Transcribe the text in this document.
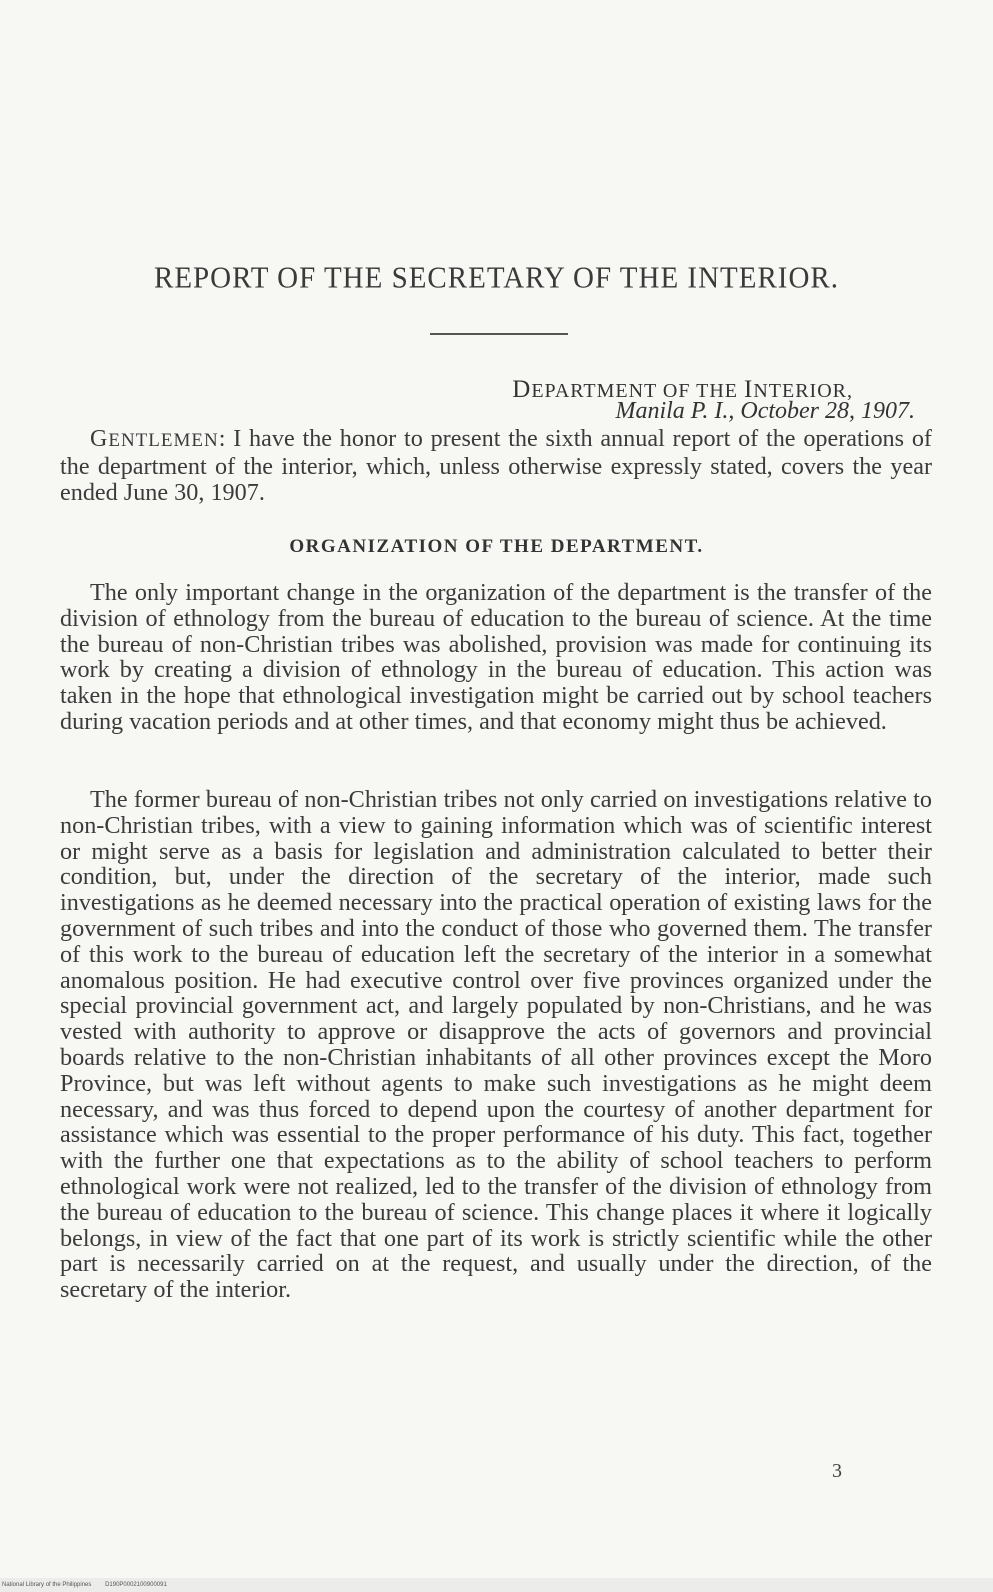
REPORT OF THE SECRETARY OF THE INTERIOR.
DEPARTMENT OF THE INTERIOR,
Manila P. I., October 28, 1907.

GENTLEMEN: I have the honor to present the sixth annual report of the operations of the department of the interior, which, unless otherwise expressly stated, covers the year ended June 30, 1907.

ORGANIZATION OF THE DEPARTMENT.

The only important change in the organization of the department is the transfer of the division of ethnology from the bureau of education to the bureau of science. At the time the bureau of non-Christian tribes was abolished, provision was made for continuing its work by creating a division of ethnology in the bureau of education. This action was taken in the hope that ethnological investigation might be carried out by school teachers during vacation periods and at other times, and that economy might thus be achieved.

The former bureau of non-Christian tribes not only carried on investigations relative to non-Christian tribes, with a view to gaining information which was of scientific interest or might serve as a basis for legislation and administration calculated to better their condition, but, under the direction of the secretary of the interior, made such investigations as he deemed necessary into the practical operation of existing laws for the government of such tribes and into the conduct of those who governed them. The transfer of this work to the bureau of education left the secretary of the interior in a somewhat anomalous position. He had executive control over five provinces organized under the special provincial government act, and largely populated by non-Christians, and he was vested with authority to approve or disapprove the acts of governors and provincial boards relative to the non-Christian inhabitants of all other provinces except the Moro Province, but was left without agents to make such investigations as he might deem necessary, and was thus forced to depend upon the courtesy of another department for assistance which was essential to the proper performance of his duty. This fact, together with the further one that expectations as to the ability of school teachers to perform ethnological work were not realized, led to the transfer of the division of ethnology from the bureau of education to the bureau of science. This change places it where it logically belongs, in view of the fact that one part of its work is strictly scientific while the other part is necessarily carried on at the request, and usually under the direction, of the secretary of the interior.

3
National Library of the Philippines D190P0002100900091
